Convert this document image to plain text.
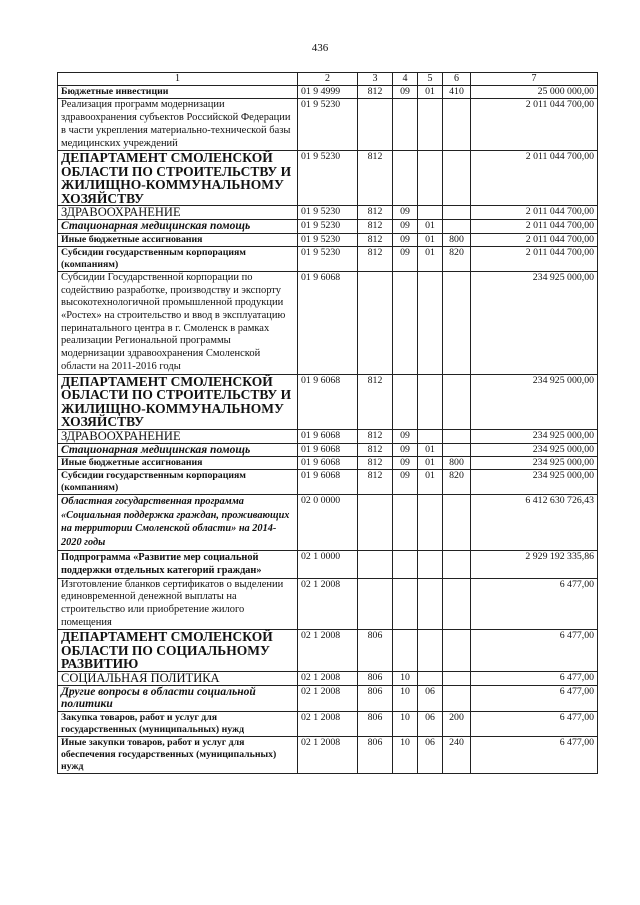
436
1	2	3	4	5	6	7
Бюджетные инвестиции	01 9 4999	812	09	01	410	25 000 000,00
Реализация программ модернизации здравоохранения субъектов Российской Федерации в части укрепления материально-технической базы медицинских учреждений	01 9 5230					2 011 044 700,00
ДЕПАРТАМЕНТ СМОЛЕНСКОЙ ОБЛАСТИ ПО СТРОИТЕЛЬСТВУ И ЖИЛИЩНО-КОММУНАЛЬНОМУ ХОЗЯЙСТВУ	01 9 5230	812				2 011 044 700,00
ЗДРАВООХРАНЕНИЕ	01 9 5230	812	09			2 011 044 700,00
Стационарная медицинская помощь	01 9 5230	812	09	01		2 011 044 700,00
Иные бюджетные ассигнования	01 9 5230	812	09	01	800	2 011 044 700,00
Субсидии государственным корпорациям (компаниям)	01 9 5230	812	09	01	820	2 011 044 700,00
Субсидии Государственной корпорации по содействию разработке, производству и экспорту высокотехнологичной промышленной продукции «Ростех» на строительство и ввод в эксплуатацию перинатального центра в г. Смоленск в рамках реализации Региональной программы модернизации здравоохранения Смоленской области на 2011-2016 годы	01 9 6068					234 925 000,00
ДЕПАРТАМЕНТ СМОЛЕНСКОЙ ОБЛАСТИ ПО СТРОИТЕЛЬСТВУ И ЖИЛИЩНО-КОММУНАЛЬНОМУ ХОЗЯЙСТВУ	01 9 6068	812				234 925 000,00
ЗДРАВООХРАНЕНИЕ	01 9 6068	812	09			234 925 000,00
Стационарная медицинская помощь	01 9 6068	812	09	01		234 925 000,00
Иные бюджетные ассигнования	01 9 6068	812	09	01	800	234 925 000,00
Субсидии государственным корпорациям (компаниям)	01 9 6068	812	09	01	820	234 925 000,00
Областная государственная программа «Социальная поддержка граждан, проживающих на территории Смоленской области» на 2014-2020 годы	02 0 0000					6 412 630 726,43
Подпрограмма «Развитие мер социальной поддержки отдельных категорий граждан»	02 1 0000					2 929 192 335,86
Изготовление бланков сертификатов о выделении единовременной денежной выплаты на строительство или приобретение жилого помещения	02 1 2008					6 477,00
ДЕПАРТАМЕНТ СМОЛЕНСКОЙ ОБЛАСТИ ПО СОЦИАЛЬНОМУ РАЗВИТИЮ	02 1 2008	806				6 477,00
СОЦИАЛЬНАЯ ПОЛИТИКА	02 1 2008	806	10			6 477,00
Другие вопросы в области социальной политики	02 1 2008	806	10	06		6 477,00
Закупка товаров, работ и услуг для государственных (муниципальных) нужд	02 1 2008	806	10	06	200	6 477,00
Иные закупки товаров, работ и услуг для обеспечения государственных (муниципальных) нужд	02 1 2008	806	10	06	240	6 477,00
